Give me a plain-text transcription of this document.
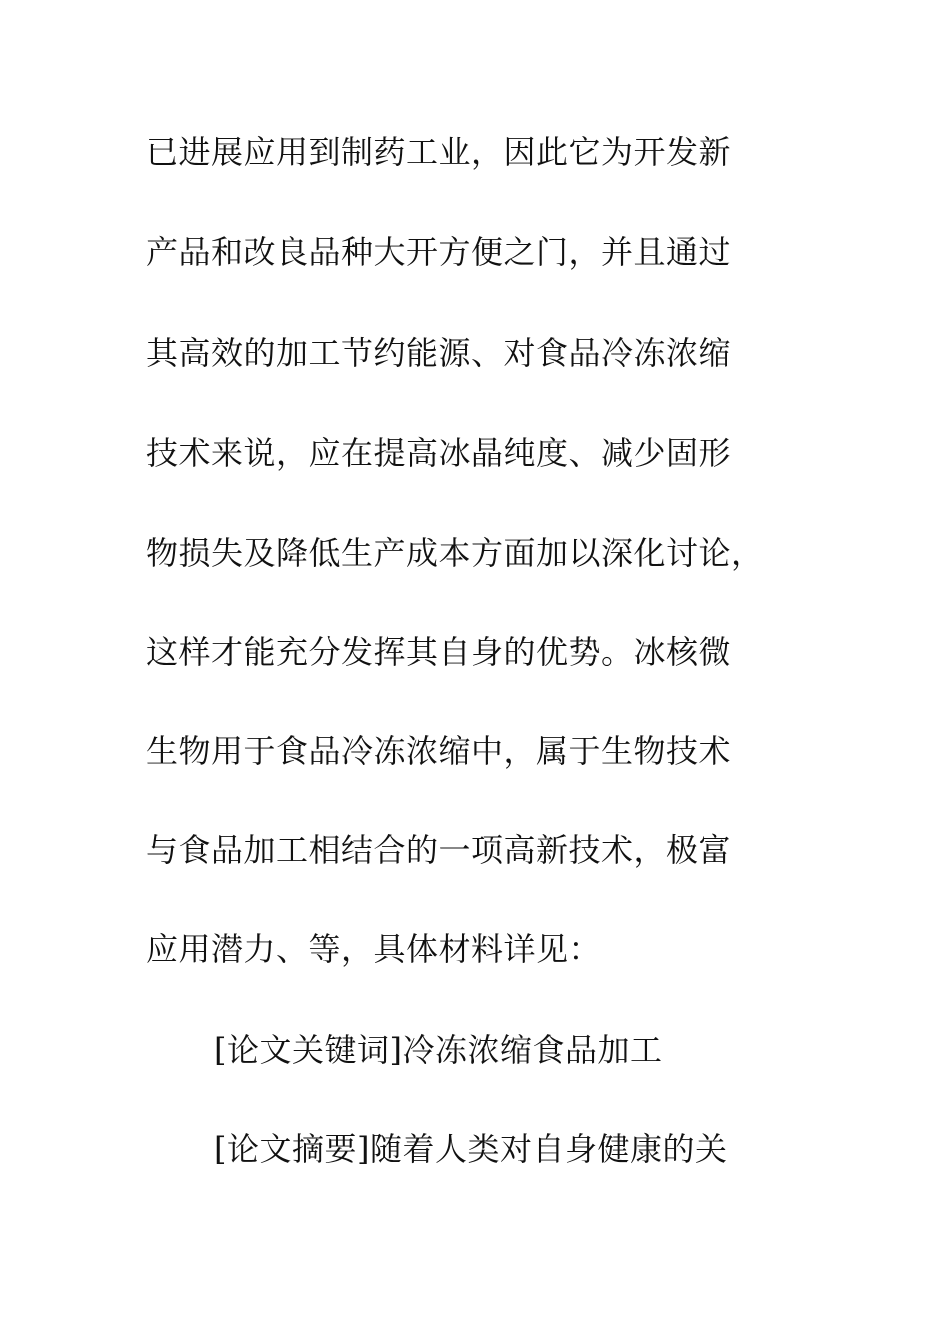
已进展应用到制药工业，因此它为开发新
产品和改良品种大开方便之门，并且通过
其高效的加工节约能源、对食品冷冻浓缩
技术来说，应在提高冰晶纯度、减少固形
物损失及降低生产成本方面加以深化讨论，
这样才能充分发挥其自身的优势。冰核微
生物用于食品冷冻浓缩中，属于生物技术
与食品加工相结合的一项高新技术，极富
应用潜力、等，具体材料详见：
[论文关键词]冷冻浓缩食品加工
[论文摘要]随着人类对自身健康的关
